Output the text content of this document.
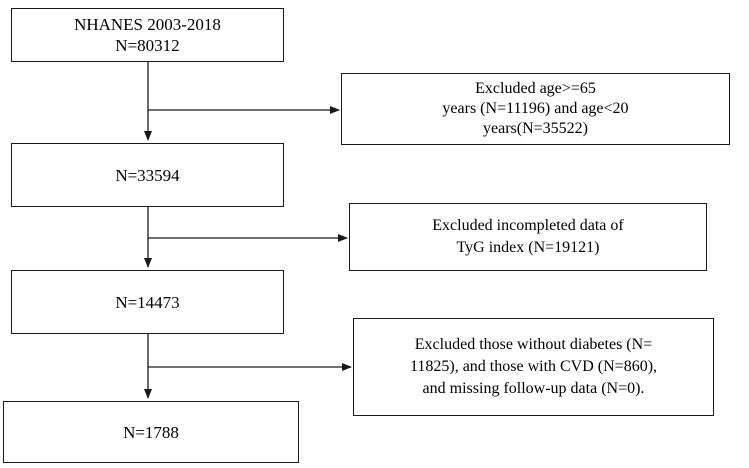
NHANES 2003-2018
N=80312
N=33594
N=14473
N=1788
Excluded age>=65
years (N=11196) and age<20
years(N=35522)
Excluded incompleted data of
TyG index (N=19121)
Excluded those without diabetes (N=
11825), and those with CVD (N=860),
and missing follow-up data (N=0).
